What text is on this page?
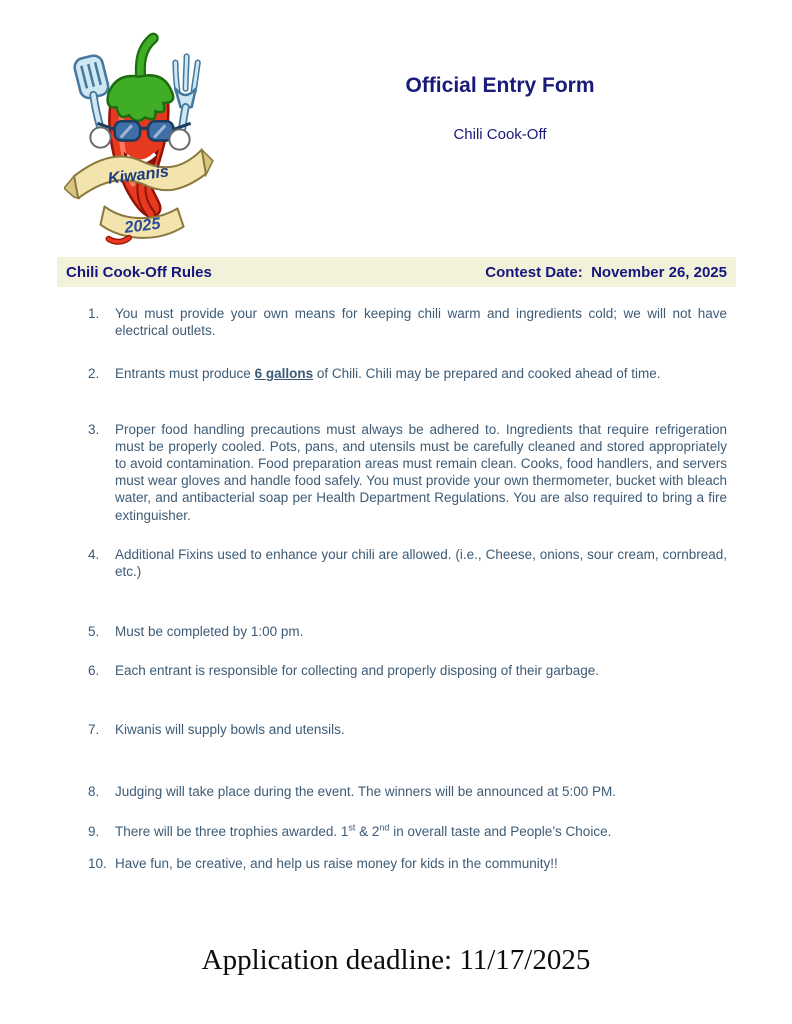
Kiwanis
2025
Official Entry Form
Chili Cook-Off
Chili Cook-Off Rules	Contest Date:  November 26, 2025
1.	You must provide your own means for keeping chili warm and ingredients cold; we will not have electrical outlets.
2.	Entrants must produce 6 gallons of Chili. Chili may be prepared and cooked ahead of time.
3.	Proper food handling precautions must always be adhered to. Ingredients that require refrigeration must be properly cooled. Pots, pans, and utensils must be carefully cleaned and stored appropriately to avoid contamination. Food preparation areas must remain clean. Cooks, food handlers, and servers must wear gloves and handle food safely. You must provide your own thermometer, bucket with bleach water, and antibacterial soap per Health Department Regulations. You are also required to bring a fire extinguisher.
4.	Additional Fixins used to enhance your chili are allowed. (i.e., Cheese, onions, sour cream, cornbread, etc.)
5.	Must be completed by 1:00 pm.
6.	Each entrant is responsible for collecting and properly disposing of their garbage.
7.	Kiwanis will supply bowls and utensils.
8.	Judging will take place during the event. The winners will be announced at 5:00 PM.
9.	There will be three trophies awarded. 1st & 2nd in overall taste and People’s Choice.
10. Have fun, be creative, and help us raise money for kids in the community!!
Application deadline: 11/17/2025
